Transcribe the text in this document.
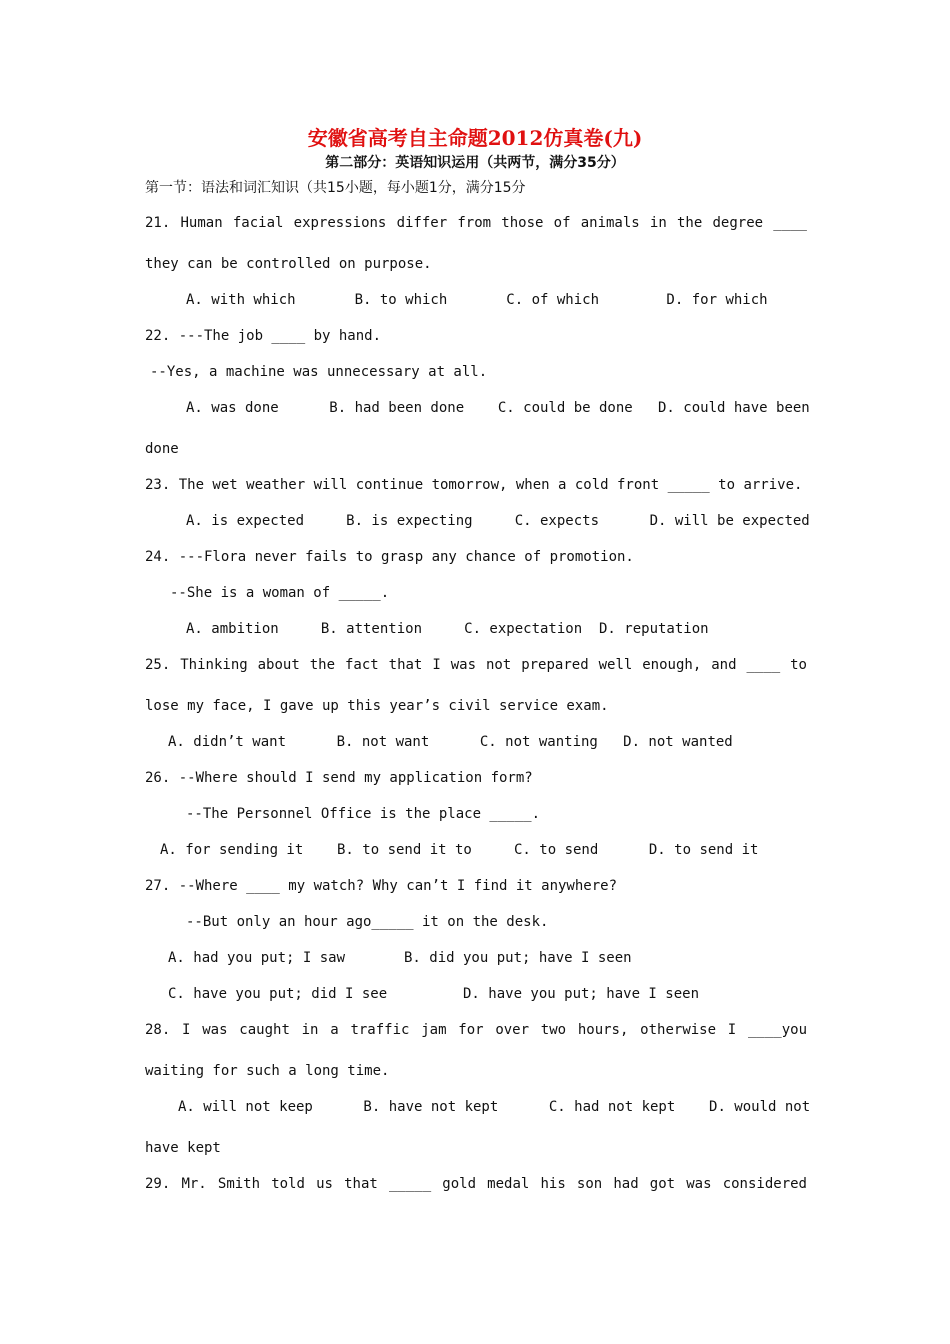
安徽省高考自主命题2012仿真卷(九)
第二部分：英语知识运用（共两节，满分35分）
第一节：语法和词汇知识（共15小题，每小题1分，满分15分
21. Human facial expressions differ from those of animals in the degree ____
they can be controlled on purpose.
A. with which       B. to which       C. of which        D. for which
22. ---The job ____ by hand.
--Yes, a machine was unnecessary at all.
A. was done      B. had been done    C. could be done   D. could have been
done
23. The wet weather will continue tomorrow, when a cold front _____ to arrive.
A. is expected     B. is expecting     C. expects      D. will be expected
24. ---Flora never fails to grasp any chance of promotion.
--She is a woman of _____.
A. ambition     B. attention     C. expectation  D. reputation
25. Thinking about the fact that I was not prepared well enough, and ____ to
lose my face, I gave up this year’s civil service exam.
A. didn’t want      B. not want      C. not wanting   D. not wanted
26. --Where should I send my application form?
--The Personnel Office is the place _____.
A. for sending it    B. to send it to     C. to send      D. to send it
27. --Where ____ my watch? Why can’t I find it anywhere?
--But only an hour ago_____ it on the desk.
A. had you put; I saw       B. did you put; have I seen
C. have you put; did I see         D. have you put; have I seen
28. I was caught in a traffic jam for over two hours, otherwise I ____you
waiting for such a long time.
A. will not keep      B. have not kept      C. had not kept    D. would not
have kept
29. Mr. Smith told us that _____ gold medal his son had got was considered
